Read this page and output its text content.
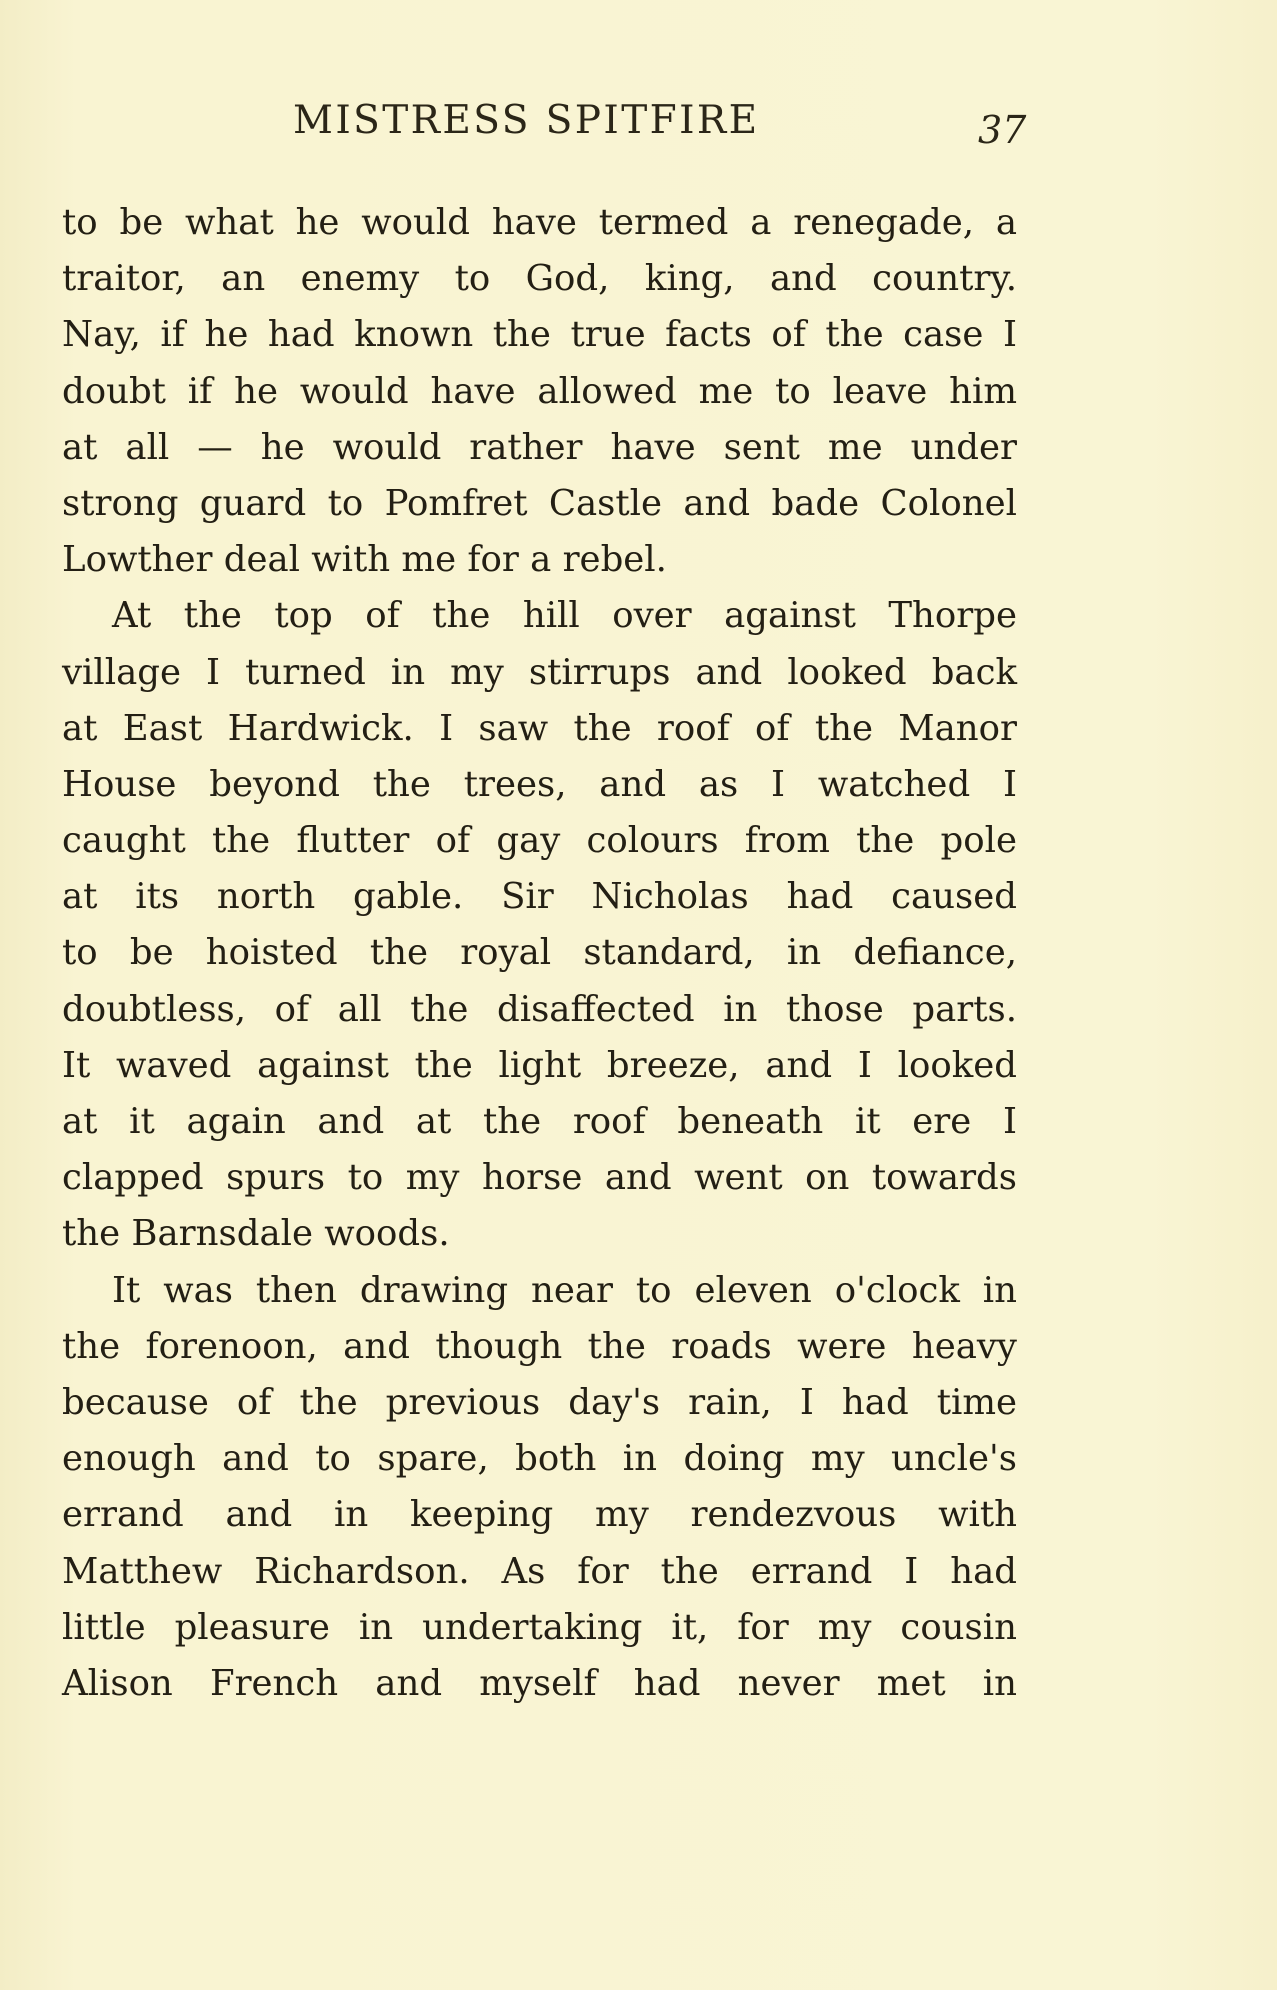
MISTRESS SPITFIRE	37
to be what he would have termed a renegade, a
traitor, an enemy to God, king, and country.
Nay, if he had known the true facts of the case I
doubt if he would have allowed me to leave him
at all — he would rather have sent me under
strong guard to Pomfret Castle and bade Colonel
Lowther deal with me for a rebel.
At the top of the hill over against Thorpe
village I turned in my stirrups and looked back
at East Hardwick. I saw the roof of the Manor
House beyond the trees, and as I watched I
caught the flutter of gay colours from the pole
at its north gable. Sir Nicholas had caused
to be hoisted the royal standard, in defiance,
doubtless, of all the disaffected in those parts.
It waved against the light breeze, and I looked
at it again and at the roof beneath it ere I
clapped spurs to my horse and went on towards
the Barnsdale woods.
It was then drawing near to eleven o'clock in
the forenoon, and though the roads were heavy
because of the previous day's rain, I had time
enough and to spare, both in doing my uncle's
errand and in keeping my rendezvous with
Matthew Richardson. As for the errand I had
little pleasure in undertaking it, for my cousin
Alison French and myself had never met in
